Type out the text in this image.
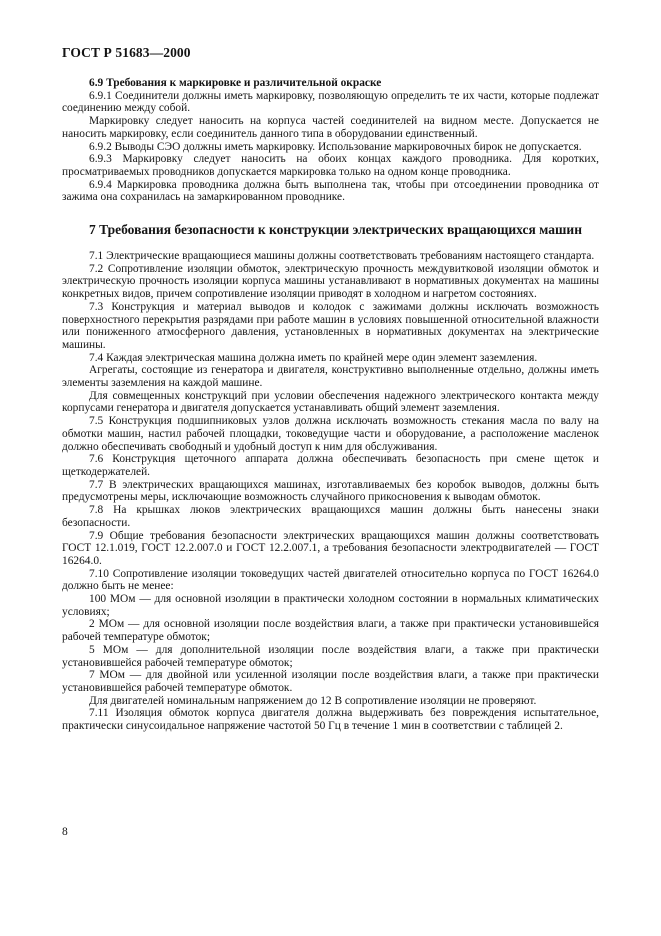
ГОСТ Р 51683—2000

6.9 Требования к маркировке и различительной окраске

6.9.1 Соединители должны иметь маркировку, позволяющую определить те их части, которые подлежат соединению между собой.

Маркировку следует наносить на корпуса частей соединителей на видном месте. Допускается не наносить маркировку, если соединитель данного типа в оборудовании единственный.

6.9.2 Выводы СЭО должны иметь маркировку. Использование маркировочных бирок не допускается.

6.9.3 Маркировку следует наносить на обоих концах каждого проводника. Для коротких, просматриваемых проводников допускается маркировка только на одном конце проводника.

6.9.4 Маркировка проводника должна быть выполнена так, чтобы при отсоединении проводника от зажима она сохранилась на замаркированном проводнике.

7 Требования безопасности к конструкции электрических вращающихся машин

7.1 Электрические вращающиеся машины должны соответствовать требованиям настоящего стандарта.

7.2 Сопротивление изоляции обмоток, электрическую прочность междувитковой изоляции обмоток и электрическую прочность изоляции корпуса машины устанавливают в нормативных документах на машины конкретных видов, причем сопротивление изоляции приводят в холодном и нагретом состояниях.

7.3 Конструкция и материал выводов и колодок с зажимами должны исключать возможность поверхностного перекрытия разрядами при работе машин в условиях повышенной относительной влажности или пониженного атмосферного давления, установленных в нормативных документах на электрические машины.

7.4 Каждая электрическая машина должна иметь по крайней мере один элемент заземления.

Агрегаты, состоящие из генератора и двигателя, конструктивно выполненные отдельно, должны иметь элементы заземления на каждой машине.

Для совмещенных конструкций при условии обеспечения надежного электрического контакта между корпусами генератора и двигателя допускается устанавливать общий элемент заземления.

7.5 Конструкция подшипниковых узлов должна исключать возможность стекания масла по валу на обмотки машин, настил рабочей площадки, токоведущие части и оборудование, а расположение масленок должно обеспечивать свободный и удобный доступ к ним для обслуживания.

7.6 Конструкция щеточного аппарата должна обеспечивать безопасность при смене щеток и щеткодержателей.

7.7 В электрических вращающихся машинах, изготавливаемых без коробок выводов, должны быть предусмотрены меры, исключающие возможность случайного прикосновения к выводам обмоток.

7.8 На крышках люков электрических вращающихся машин должны быть нанесены знаки безопасности.

7.9 Общие требования безопасности электрических вращающихся машин должны соответствовать ГОСТ 12.1.019, ГОСТ 12.2.007.0 и ГОСТ 12.2.007.1, а требования безопасности электродвигателей — ГОСТ 16264.0.

7.10 Сопротивление изоляции токоведущих частей двигателей относительно корпуса по ГОСТ 16264.0 должно быть не менее:

100 МОм — для основной изоляции в практически холодном состоянии в нормальных климатических условиях;

2 МОм — для основной изоляции после воздействия влаги, а также при практически установившейся рабочей температуре обмоток;

5 МОм — для дополнительной изоляции после воздействия влаги, а также при практически установившейся рабочей температуре обмоток;

7 МОм — для двойной или усиленной изоляции после воздействия влаги, а также при практически установившейся рабочей температуре обмоток.

Для двигателей номинальным напряжением до 12 В сопротивление изоляции не проверяют.

7.11 Изоляция обмоток корпуса двигателя должна выдерживать без повреждения испытательное, практически синусоидальное напряжение частотой 50 Гц в течение 1 мин в соответствии с таблицей 2.

8
